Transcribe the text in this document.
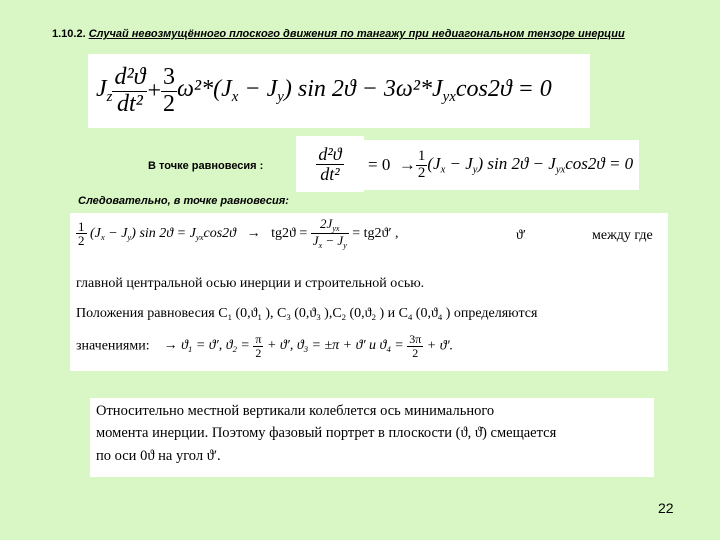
1.10.2. Случай невозмущённого плоского движения по тангажу при недиагональном тензоре инерции
$J_z \frac{\text{d²ϑ}}{\text{dt²}} + \frac{3}{2} \omega^2*(J_x - J_y)$ $\sin 2ϑ - 3\omega^2*J_{yx}\cos 2ϑ = 0$
В точке равновесия :	$\frac{\text{d²ϑ}}{\text{dt²}} = 0$
→ $\frac{1}{2} (J_x - J_y)$ $\sin 2ϑ - J_{yx}\cos 2ϑ = 0$
Следовательно, в точке равновесия:
$\frac{1}{2} (J_x - J_y)$ $\sin 2ϑ = J_{yx}\cos 2ϑ \to tg2ϑ = \frac{2J_{yx}}{J_x - J_y} = tg2ϑ'$ ,	ϑ′	между где
главной центральной осью инерции и строительной осью.
Положения равновесия $C_1$ ($0,ϑ_1$ ), $C_3$ ($0,ϑ_3$ )$,C_2$ ($0,ϑ_2$ ) и $C_4$ ($0,ϑ_4$ ) определяются
значениями: → $ϑ_1 = ϑ'$, $ϑ_2 = \frac{\pi}{2} + ϑ'$, $ϑ_3 = \pm\pi + ϑ'$ и $ϑ_4 = \frac{3\pi}{2} + ϑ'$.
Относительно местной вертикали колеблется ось минимального
момента инерции. Поэтому фазовый портрет в плоскости (ϑ, ϑ̇) смещается
по оси 0ϑ на угол ϑ′.
22
